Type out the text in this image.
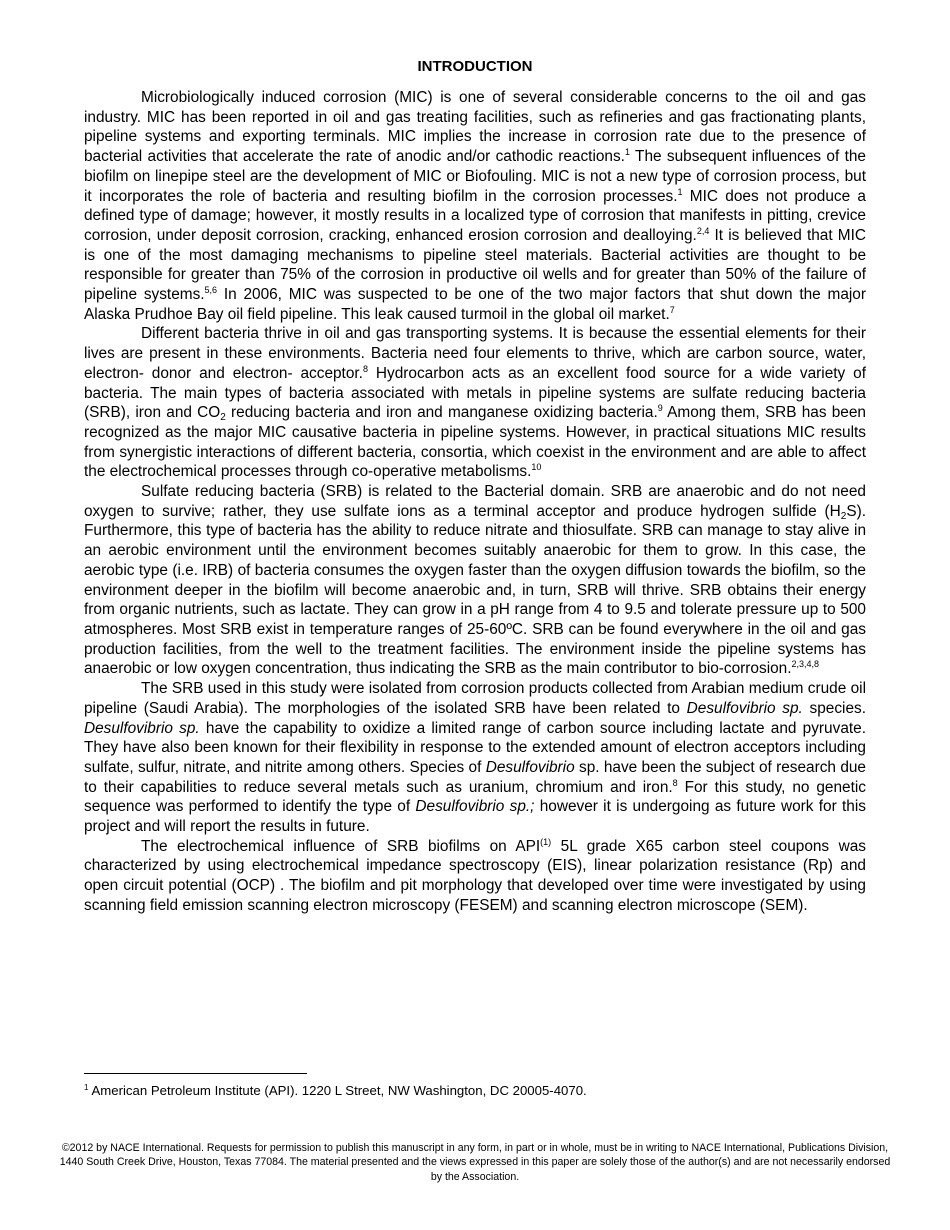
INTRODUCTION

Microbiologically induced corrosion (MIC) is one of several considerable concerns to the oil and gas industry. MIC has been reported in oil and gas treating facilities, such as refineries and gas fractionating plants, pipeline systems and exporting terminals. MIC implies the increase in corrosion rate due to the presence of bacterial activities that accelerate the rate of anodic and/or cathodic reactions.$^1$ The subsequent influences of the biofilm on linepipe steel are the development of MIC or Biofouling. MIC is not a new type of corrosion process, but it incorporates the role of bacteria and resulting biofilm in the corrosion processes.$^1$ MIC does not produce a defined type of damage; however, it mostly results in a localized type of corrosion that manifests in pitting, crevice corrosion, under deposit corrosion, cracking, enhanced erosion corrosion and dealloying.$^{2,4}$ It is believed that MIC is one of the most damaging mechanisms to pipeline steel materials. Bacterial activities are thought to be responsible for greater than 75% of the corrosion in productive oil wells and for greater than 50% of the failure of pipeline systems.$^{5,6}$ In 2006, MIC was suspected to be one of the two major factors that shut down the major Alaska Prudhoe Bay oil field pipeline. This leak caused turmoil in the global oil market.$^7$

Different bacteria thrive in oil and gas transporting systems. It is because the essential elements for their lives are present in these environments. Bacteria need four elements to thrive, which are carbon source, water, electron- donor and electron- acceptor.$^8$ Hydrocarbon acts as an excellent food source for a wide variety of bacteria. The main types of bacteria associated with metals in pipeline systems are sulfate reducing bacteria (SRB), iron and $CO_2$ reducing bacteria and iron and manganese oxidizing bacteria.$^9$ Among them, SRB has been recognized as the major MIC causative bacteria in pipeline systems. However, in practical situations MIC results from synergistic interactions of different bacteria, consortia, which coexist in the environment and are able to affect the electrochemical processes through co-operative metabolisms.$^{10}$

Sulfate reducing bacteria (SRB) is related to the Bacterial domain. SRB are anaerobic and do not need oxygen to survive; rather, they use sulfate ions as a terminal acceptor and produce hydrogen sulfide $(H_2S)$. Furthermore, this type of bacteria has the ability to reduce nitrate and thiosulfate. SRB can manage to stay alive in an aerobic environment until the environment becomes suitably anaerobic for them to grow. In this case, the aerobic type (i.e. IRB) of bacteria consumes the oxygen faster than the oxygen diffusion towards the biofilm, so the environment deeper in the biofilm will become anaerobic and, in turn, SRB will thrive. SRB obtains their energy from organic nutrients, such as lactate. They can grow in a pH range from 4 to 9.5 and tolerate pressure up to 500 atmospheres. Most SRB exist in temperature ranges of 25-60ºC. SRB can be found everywhere in the oil and gas production facilities, from the well to the treatment facilities. The environment inside the pipeline systems has anaerobic or low oxygen concentration, thus indicating the SRB as the main contributor to bio-corrosion.$^{2,3,4,8}$

The SRB used in this study were isolated from corrosion products collected from Arabian medium crude oil pipeline (Saudi Arabia). The morphologies of the isolated SRB have been related to Desulfovibrio sp. species. Desulfovibrio sp. have the capability to oxidize a limited range of carbon source including lactate and pyruvate. They have also been known for their flexibility in response to the extended amount of electron acceptors including sulfate, sulfur, nitrate, and nitrite among others. Species of Desulfovibrio sp. have been the subject of research due to their capabilities to reduce several metals such as uranium, chromium and iron.$^8$ For this study, no genetic sequence was performed to identify the type of Desulfovibrio sp.; however it is undergoing as future work for this project and will report the results in future.

The electrochemical influence of SRB biofilms on API$^{(1)}$ 5L grade X65 carbon steel coupons was characterized by using electrochemical impedance spectroscopy (EIS), linear polarization resistance (Rp) and open circuit potential (OCP) . The biofilm and pit morphology that developed over time were investigated by using scanning field emission scanning electron microscopy (FESEM) and scanning electron microscope (SEM).

$^1$ American Petroleum Institute (API). 1220 L Street, NW Washington, DC 20005-4070.
©2012 by NACE International. Requests for permission to publish this manuscript in any form, in part or in whole, must be in writing to NACE International, Publications Division, 1440 South Creek Drive, Houston, Texas 77084. The material presented and the views expressed in this paper are solely those of the author(s) and are not necessarily endorsed by the Association.
